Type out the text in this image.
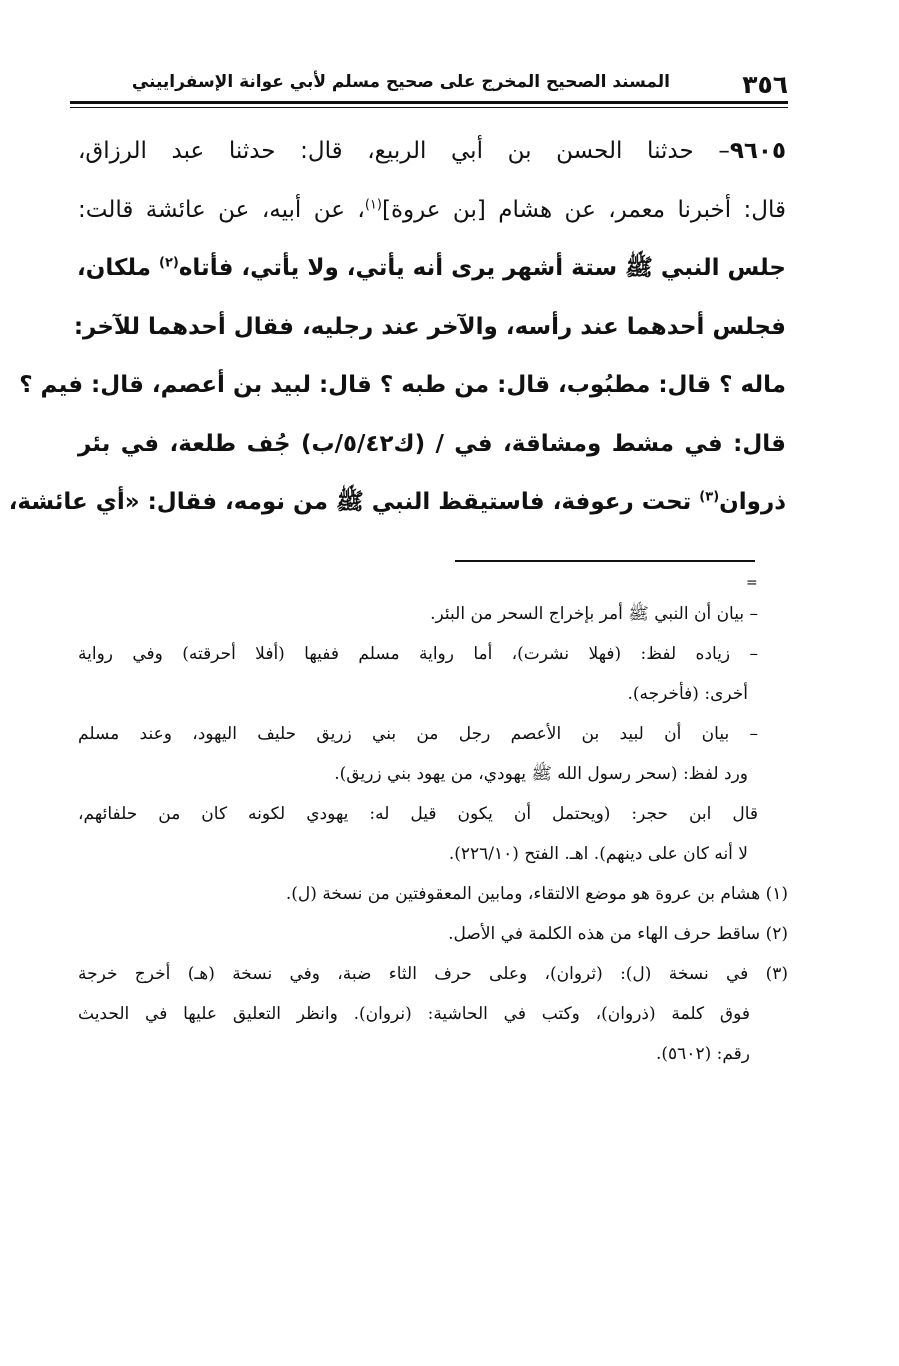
٣٥٦
المسند الصحيح المخرج على صحيح مسلم لأبي عوانة الإسفراييني
٩٦٠٥– حدثنا الحسن بن أبي الربيع، قال: حدثنا عبد الرزاق،
قال: أخبرنا معمر، عن هشام [بن عروة]$^{(١)}$، عن أبيه، عن عائشة قالت:
جلس النبي ﷺ ستة أشهر يرى أنه يأتي، ولا يأتي، فأتاه$^{(٢)}$ ملكان،
فجلس أحدهما عند رأسه، والآخر عند رجليه، فقال أحدهما للآخر:
ماله ؟ قال: مطبُوب، قال: من طبه ؟ قال: لبيد بن أعصم، قال: فيم ؟
قال: في مشط ومشاقة، في / (ك٥/٤٢/ب) جُف طلعة، في بئر
ذروان$^{(٣)}$ تحت رعوفة، فاستيقظ النبي ﷺ من نومه، فقال: «أي عائشة،
=
– بيان أن النبي ﷺ أمر بإخراج السحر من البئر.
– زياده لفظ: (فهلا نشرت)، أما رواية مسلم ففيها (أفلا أحرقته) وفي رواية
أخرى: (فأخرجه).
– بيان أن لبيد بن الأعصم رجل من بني زريق حليف اليهود، وعند مسلم
ورد لفظ: (سحر رسول الله ﷺ يهودي، من يهود بني زريق).
قال ابن حجر: (ويحتمل أن يكون قيل له: يهودي لكونه كان من حلفائهم،
لا أنه كان على دينهم). اهـ. الفتح (٢٢٦/١٠).
(١) هشام بن عروة هو موضع الالتقاء، ومابين المعقوفتين من نسخة (ل).
(٢) ساقط حرف الهاء من هذه الكلمة في الأصل.
(٣) في نسخة (ل): (ثروان)، وعلى حرف الثاء ضبة، وفي نسخة (هـ) أخرج خرجة
فوق كلمة (ذروان)، وكتب في الحاشية: (نروان). وانظر التعليق عليها في الحديث
رقم: (٥٦٠٢).
